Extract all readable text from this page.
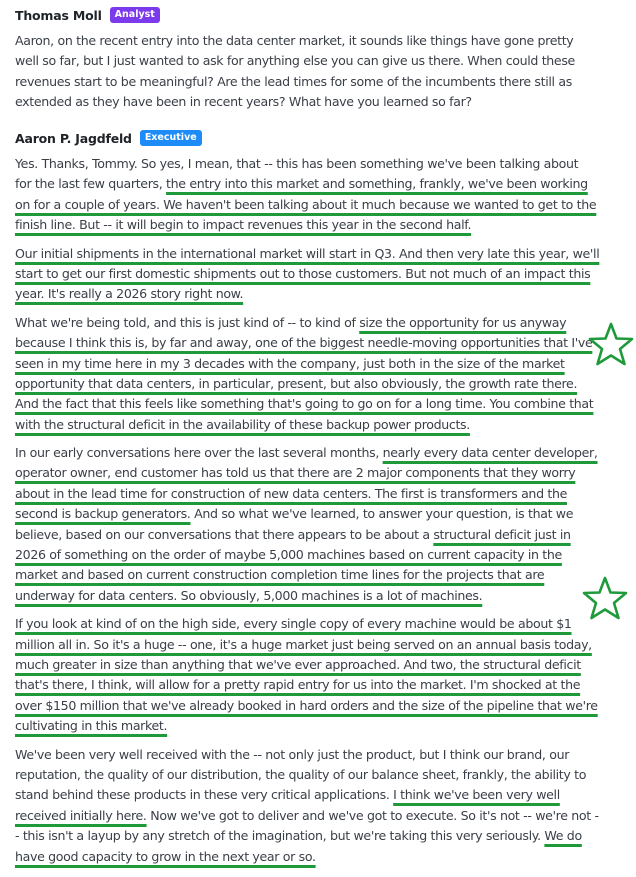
Thomas Moll	Analyst
Aaron, on the recent entry into the data center market, it sounds like things have gone pretty
well so far, but I just wanted to ask for anything else you can give us there. When could these
revenues start to be meaningful? Are the lead times for some of the incumbents there still as
extended as they have been in recent years? What have you learned so far?
Aaron P. Jagdfeld	Executive
Yes. Thanks, Tommy. So yes, I mean, that -- this has been something we've been talking about
for the last few quarters, the entry into this market and something, frankly, we've been working
on for a couple of years. We haven't been talking about it much because we wanted to get to the
finish line. But -- it will begin to impact revenues this year in the second half.
Our initial shipments in the international market will start in Q3. And then very late this year, we'll
start to get our first domestic shipments out to those customers. But not much of an impact this
year. It's really a 2026 story right now.
What we're being told, and this is just kind of -- to kind of size the opportunity for us anyway
because I think this is, by far and away, one of the biggest needle-moving opportunities that I've
seen in my time here in my 3 decades with the company, just both in the size of the market
opportunity that data centers, in particular, present, but also obviously, the growth rate there.
And the fact that this feels like something that's going to go on for a long time. You combine that
with the structural deficit in the availability of these backup power products.
In our early conversations here over the last several months, nearly every data center developer,
operator owner, end customer has told us that there are 2 major components that they worry
about in the lead time for construction of new data centers. The first is transformers and the
second is backup generators. And so what we've learned, to answer your question, is that we
believe, based on our conversations that there appears to be about a structural deficit just in
2026 of something on the order of maybe 5,000 machines based on current capacity in the
market and based on current construction completion time lines for the projects that are
underway for data centers. So obviously, 5,000 machines is a lot of machines.
If you look at kind of on the high side, every single copy of every machine would be about $1
million all in. So it's a huge -- one, it's a huge market just being served on an annual basis today,
much greater in size than anything that we've ever approached. And two, the structural deficit
that's there, I think, will allow for a pretty rapid entry for us into the market. I'm shocked at the
over $150 million that we've already booked in hard orders and the size of the pipeline that we're
cultivating in this market.
We've been very well received with the -- not only just the product, but I think our brand, our
reputation, the quality of our distribution, the quality of our balance sheet, frankly, the ability to
stand behind these products in these very critical applications. I think we've been very well
received initially here. Now we've got to deliver and we've got to execute. So it's not -- we're not -
- this isn't a layup by any stretch of the imagination, but we're taking this very seriously. We do
have good capacity to grow in the next year or so.
